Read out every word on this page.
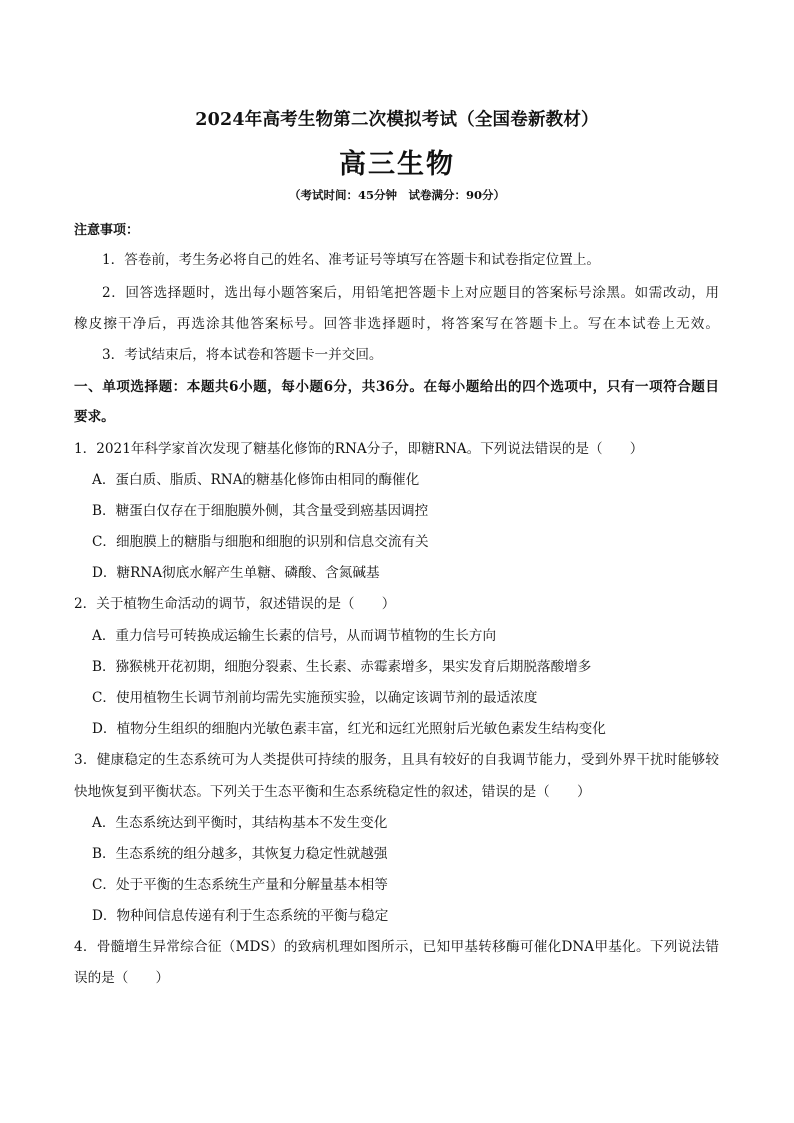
2024年高考生物第二次模拟考试（全国卷新教材）
高三生物
（考试时间：45分钟　试卷满分：90分）
注意事项：
1．答卷前，考生务必将自己的姓名、准考证号等填写在答题卡和试卷指定位置上。
2．回答选择题时，选出每小题答案后，用铅笔把答题卡上对应题目的答案标号涂黑。如需改动，用
橡皮擦干净后，再选涂其他答案标号。回答非选择题时，将答案写在答题卡上。写在本试卷上无效。
3．考试结束后，将本试卷和答题卡一并交回。
一、单项选择题：本题共6小题，每小题6分，共36分。在每小题给出的四个选项中，只有一项符合题目
要求。
1．2021年科学家首次发现了糖基化修饰的RNA分子，即糖RNA。下列说法错误的是（　　）
A．蛋白质、脂质、RNA的糖基化修饰由相同的酶催化
B．糖蛋白仅存在于细胞膜外侧，其含量受到癌基因调控
C．细胞膜上的糖脂与细胞和细胞的识别和信息交流有关
D．糖RNA彻底水解产生单糖、磷酸、含氮碱基
2．关于植物生命活动的调节，叙述错误的是（　　）
A．重力信号可转换成运输生长素的信号，从而调节植物的生长方向
B．猕猴桃开花初期，细胞分裂素、生长素、赤霉素增多，果实发育后期脱落酸增多
C．使用植物生长调节剂前均需先实施预实验，以确定该调节剂的最适浓度
D．植物分生组织的细胞内光敏色素丰富，红光和远红光照射后光敏色素发生结构变化
3．健康稳定的生态系统可为人类提供可持续的服务，且具有较好的自我调节能力，受到外界干扰时能够较
快地恢复到平衡状态。下列关于生态平衡和生态系统稳定性的叙述，错误的是（　　）
A．生态系统达到平衡时，其结构基本不发生变化
B．生态系统的组分越多，其恢复力稳定性就越强
C．处于平衡的生态系统生产量和分解量基本相等
D．物种间信息传递有利于生态系统的平衡与稳定
4．骨髓增生异常综合征（MDS）的致病机理如图所示，已知甲基转移酶可催化DNA甲基化。下列说法错
误的是（　　）
